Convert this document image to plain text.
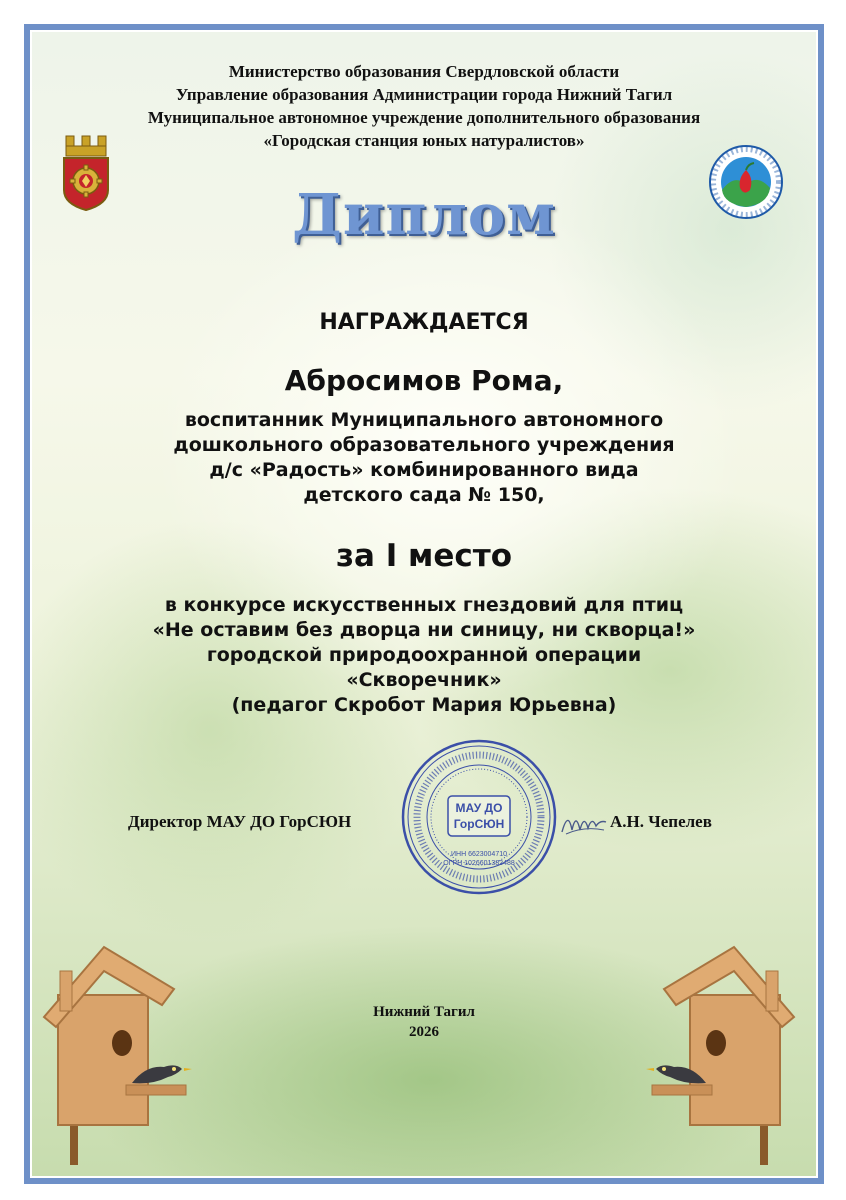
Министерство образования Свердловской области
Управление образования Администрации города Нижний Тагил
Муниципальное автономное учреждение дополнительного образования
«Городская станция юных натуралистов»
Диплом
НАГРАЖДАЕТСЯ
Абросимов Рома,
воспитанник Муниципального автономного
дошкольного образовательного учреждения
д/с «Радость» комбинированного вида
детского сада № 150,
за I место
в конкурсе искусственных гнездовий для птиц
«Не оставим без дворца ни синицу, ни скворца!»
городской природоохранной операции
«Скворечник»
(педагог Скробот Мария Юрьевна)
Директор МАУ ДО ГорСЮН
МАУ ДО
ГорСЮН
ИНН 6623004710
ОГРН 1026601382488
А.Н. Чепелев
Нижний Тагил
2026
